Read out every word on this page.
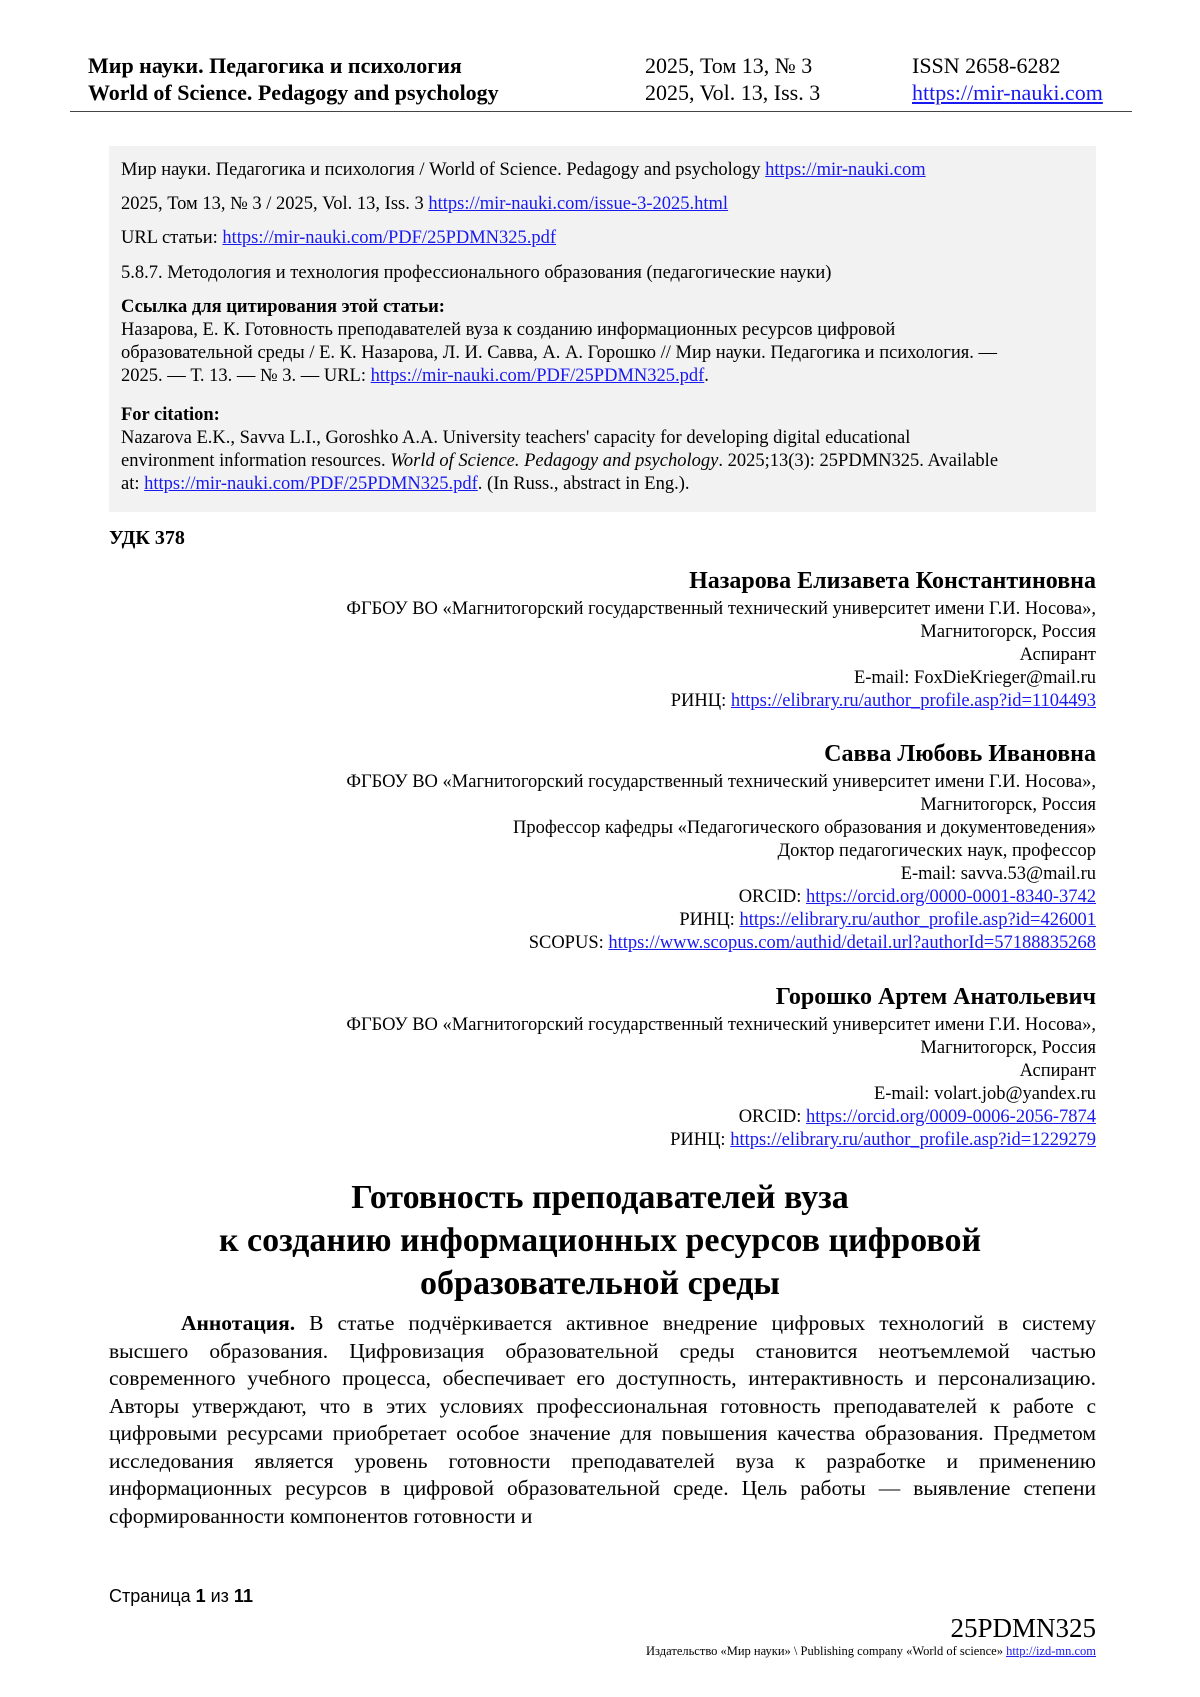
Мир науки. Педагогика и психология	2025, Том 13, № 3	ISSN 2658-6282
World of Science. Pedagogy and psychology	2025, Vol. 13, Iss. 3	https://mir-nauki.com
Мир науки. Педагогика и психология / World of Science. Pedagogy and psychology https://mir-nauki.com
2025, Том 13, № 3 / 2025, Vol. 13, Iss. 3 https://mir-nauki.com/issue-3-2025.html
URL статьи: https://mir-nauki.com/PDF/25PDMN325.pdf
5.8.7. Методология и технология профессионального образования (педагогические науки)
Ссылка для цитирования этой статьи:
Назарова, Е. К. Готовность преподавателей вуза к созданию информационных ресурсов цифровой
образовательной среды / Е. К. Назарова, Л. И. Савва, А. А. Горошко // Мир науки. Педагогика и психология. —
2025. — Т. 13. — № 3. — URL: https://mir-nauki.com/PDF/25PDMN325.pdf.
For citation:
Nazarova E.K., Savva L.I., Goroshko A.A. University teachers' capacity for developing digital educational
environment information resources. World of Science. Pedagogy and psychology. 2025;13(3): 25PDMN325. Available
at: https://mir-nauki.com/PDF/25PDMN325.pdf. (In Russ., abstract in Eng.).
УДК 378
Назарова Елизавета Константиновна
ФГБОУ ВО «Магнитогорский государственный технический университет имени Г.И. Носова»,
Магнитогорск, Россия
Аспирант
E-mail: FoxDieKrieger@mail.ru
РИНЦ: https://elibrary.ru/author_profile.asp?id=1104493
Савва Любовь Ивановна
ФГБОУ ВО «Магнитогорский государственный технический университет имени Г.И. Носова»,
Магнитогорск, Россия
Профессор кафедры «Педагогического образования и документоведения»
Доктор педагогических наук, профессор
E-mail: savva.53@mail.ru
ORCID: https://orcid.org/0000-0001-8340-3742
РИНЦ: https://elibrary.ru/author_profile.asp?id=426001
SCOPUS: https://www.scopus.com/authid/detail.url?authorId=57188835268
Горошко Артем Анатольевич
ФГБОУ ВО «Магнитогорский государственный технический университет имени Г.И. Носова»,
Магнитогорск, Россия
Аспирант
E-mail: volart.job@yandex.ru
ORCID: https://orcid.org/0009-0006-2056-7874
РИНЦ: https://elibrary.ru/author_profile.asp?id=1229279
Готовность преподавателей вуза
к созданию информационных ресурсов цифровой
образовательной среды
Аннотация. В статье подчёркивается активное внедрение цифровых технологий в систему высшего образования. Цифровизация образовательной среды становится неотъемлемой частью современного учебного процесса, обеспечивает его доступность, интерактивность и персонализацию. Авторы утверждают, что в этих условиях профессиональная готовность преподавателей к работе с цифровыми ресурсами приобретает особое значение для повышения качества образования. Предметом исследования является уровень готовности преподавателей вуза к разработке и применению информационных ресурсов в цифровой образовательной среде. Цель работы — выявление степени сформированности компонентов готовности и
Страница 1 из 11
25PDMN325
Издательство «Мир науки» \ Publishing company «World of science» http://izd-mn.com
